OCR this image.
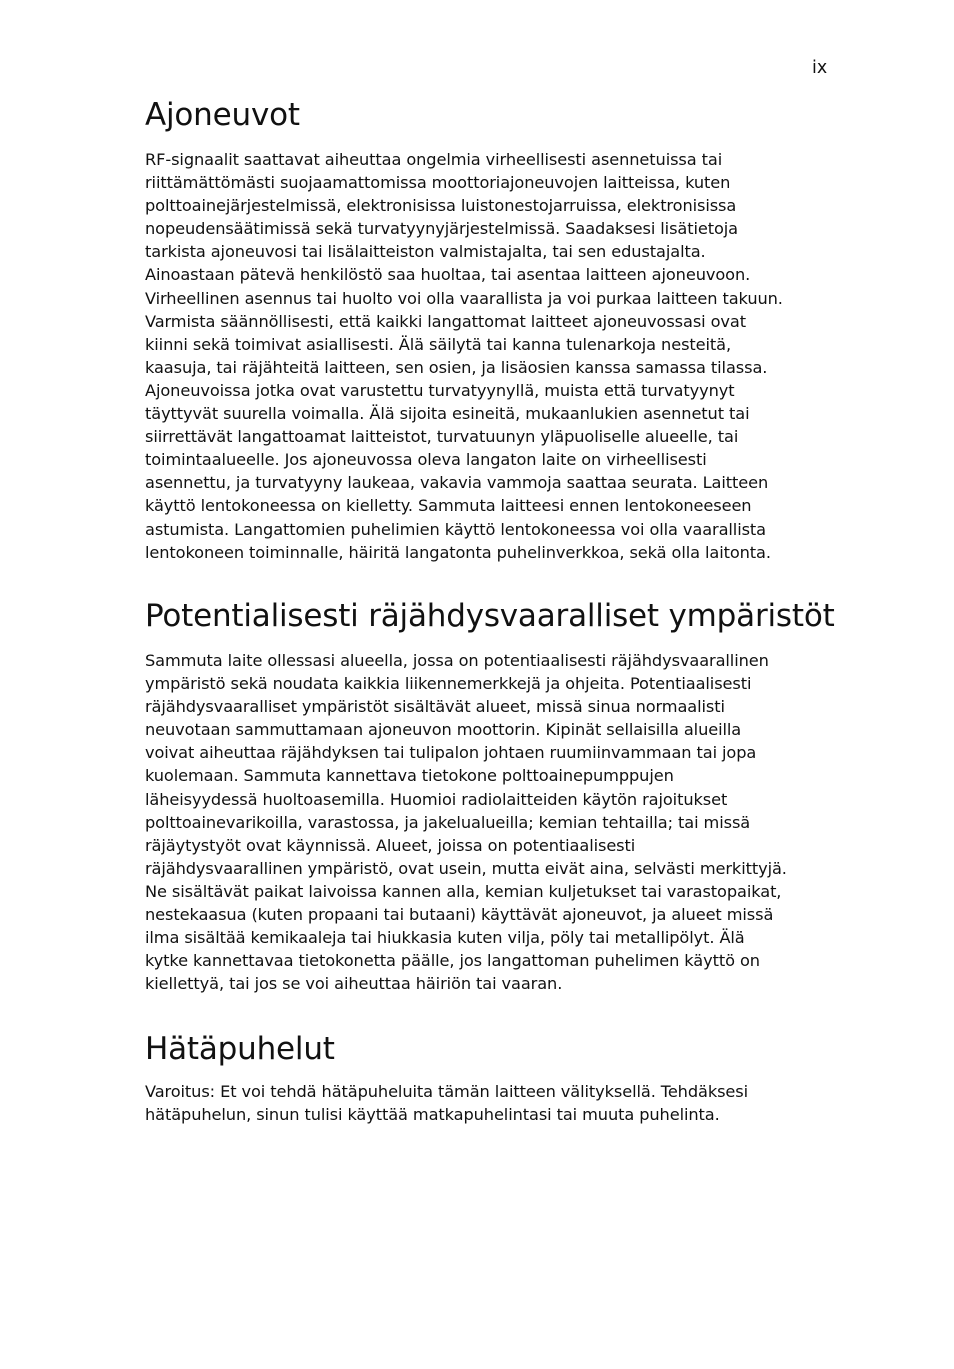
ix
Ajoneuvot

RF-signaalit saattavat aiheuttaa ongelmia virheellisesti asennetuissa tai
riittämättömästi suojaamattomissa moottoriajoneuvojen laitteissa, kuten
polttoainejärjestelmissä, elektronisissa luistonestojarruissa, elektronisissa
nopeudensäätimissä sekä turvatyynyjärjestelmissä. Saadaksesi lisätietoja
tarkista ajoneuvosi tai lisälaitteiston valmistajalta, tai sen edustajalta.
Ainoastaan pätevä henkilöstö saa huoltaa, tai asentaa laitteen ajoneuvoon.
Virheellinen asennus tai huolto voi olla vaarallista ja voi purkaa laitteen takuun.
Varmista säännöllisesti, että kaikki langattomat laitteet ajoneuvossasi ovat
kiinni sekä toimivat asiallisesti. Älä säilytä tai kanna tulenarkoja nesteitä,
kaasuja, tai räjähteitä laitteen, sen osien, ja lisäosien kanssa samassa tilassa.
Ajoneuvoissa jotka ovat varustettu turvatyynyllä, muista että turvatyynyt
täyttyvät suurella voimalla. Älä sijoita esineitä, mukaanlukien asennetut tai
siirrettävät langattoamat laitteistot, turvatuunyn yläpuoliselle alueelle, tai
toimintaalueelle. Jos ajoneuvossa oleva langaton laite on virheellisesti
asennettu, ja turvatyyny laukeaa, vakavia vammoja saattaa seurata. Laitteen
käyttö lentokoneessa on kielletty. Sammuta laitteesi ennen lentokoneeseen
astumista. Langattomien puhelimien käyttö lentokoneessa voi olla vaarallista
lentokoneen toiminnalle, häiritä langatonta puhelinverkkoa, sekä olla laitonta.

Potentialisesti räjähdysvaaralliset ympäristöt

Sammuta laite ollessasi alueella, jossa on potentiaalisesti räjähdysvaarallinen
ympäristö sekä noudata kaikkia liikennemerkkejä ja ohjeita. Potentiaalisesti
räjähdysvaaralliset ympäristöt sisältävät alueet, missä sinua normaalisti
neuvotaan sammuttamaan ajoneuvon moottorin. Kipinät sellaisilla alueilla
voivat aiheuttaa räjähdyksen tai tulipalon johtaen ruumiinvammaan tai jopa
kuolemaan. Sammuta kannettava tietokone polttoainepumppujen
läheisyydessä huoltoasemilla. Huomioi radiolaitteiden käytön rajoitukset
polttoainevarikoilla, varastossa, ja jakelualueilla; kemian tehtailla; tai missä
räjäytystyöt ovat käynnissä. Alueet, joissa on potentiaalisesti
räjähdysvaarallinen ympäristö, ovat usein, mutta eivät aina, selvästi merkittyjä.
Ne sisältävät paikat laivoissa kannen alla, kemian kuljetukset tai varastopaikat,
nestekaasua (kuten propaani tai butaani) käyttävät ajoneuvot, ja alueet missä
ilma sisältää kemikaaleja tai hiukkasia kuten vilja, pöly tai metallipölyt. Älä
kytke kannettavaa tietokonetta päälle, jos langattoman puhelimen käyttö on
kiellettyä, tai jos se voi aiheuttaa häiriön tai vaaran.

Hätäpuhelut

Varoitus: Et voi tehdä hätäpuheluita tämän laitteen välityksellä. Tehdäksesi
hätäpuhelun, sinun tulisi käyttää matkapuhelintasi tai muuta puhelinta.
